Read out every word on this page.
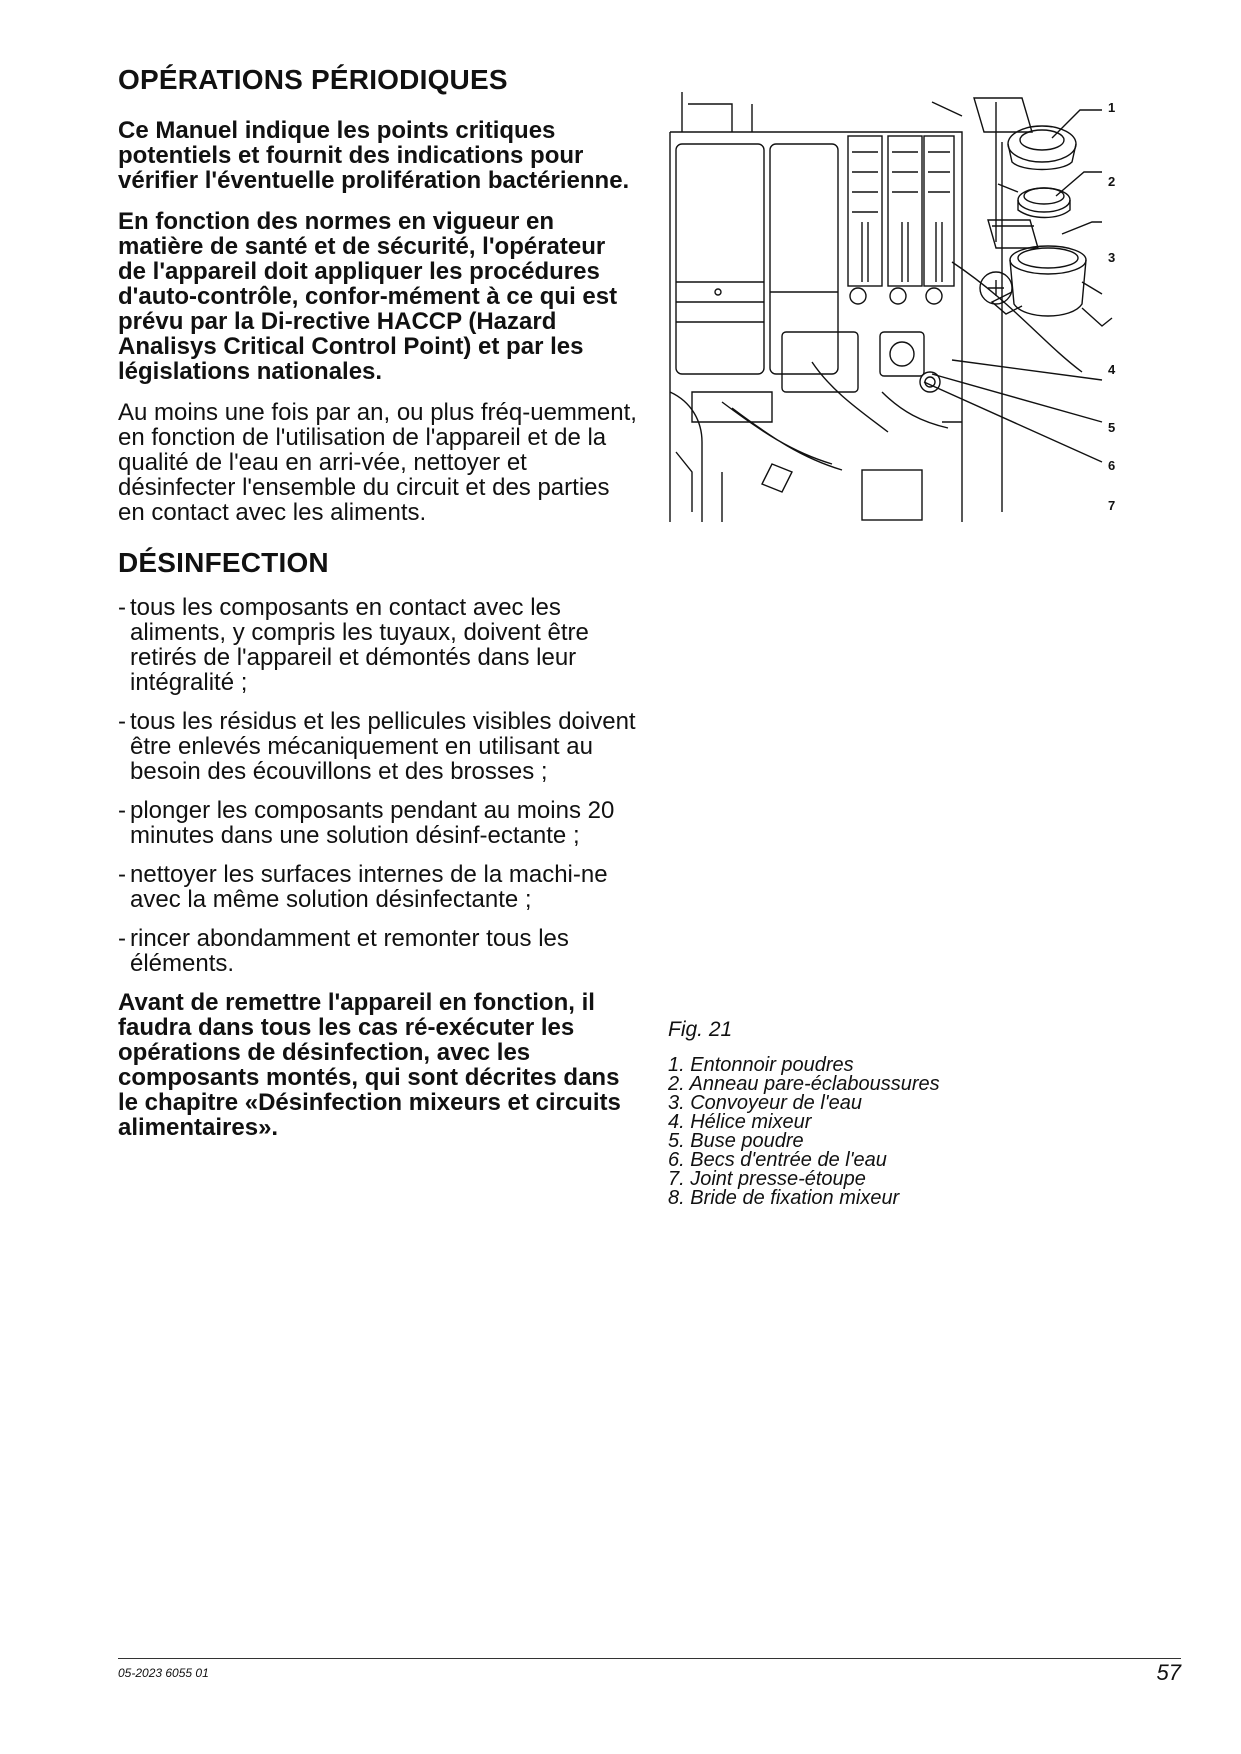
OPÉRATIONS PÉRIODIQUES

Ce Manuel indique les points critiques potentiels et fournit des indications pour vérifier l'éventuelle prolifération bactérienne.

En fonction des normes en vigueur en matière de santé et de sécurité, l'opérateur de l'appareil doit appliquer les procédures d'auto-contrôle, confor-mément à ce qui est prévu par la Di-rective HACCP (Hazard Analisys Critical Control Point) et par les législations nationales.

Au moins une fois par an, ou plus fréq-uemment, en fonction de l'utilisation de l'appareil et de la qualité de l'eau en arri-vée, nettoyer et désinfecter l'ensemble du circuit et des parties en contact avec les aliments.

DÉSINFECTION
- tous les composants en contact avec les aliments, y compris les tuyaux, doivent être retirés de l'appareil et démontés dans leur intégralité ;
- tous les résidus et les pellicules visibles doivent être enlevés mécaniquement en utilisant au besoin des écouvillons et des brosses ;
- plonger les composants pendant au moins 20 minutes dans une solution désinf-ectante ;
- nettoyer les surfaces internes de la machi-ne avec la même solution désinfectante ;
- rincer abondamment et remonter tous les éléments.

Avant de remettre l'appareil en fonction, il faudra dans tous les cas ré-exécuter les opérations de désinfection, avec les composants montés, qui sont décrites dans le chapitre «Désinfection mixeurs et circuits alimentaires».

1
2
3
4
5
6
7
Fig. 21
1. Entonnoir poudres
2. Anneau pare-éclaboussures
3. Convoyeur de l'eau
4. Hélice mixeur
5. Buse poudre
6. Becs d'entrée de l'eau
7. Joint presse-étoupe
8. Bride de fixation mixeur
05-2023 6055 01	57
